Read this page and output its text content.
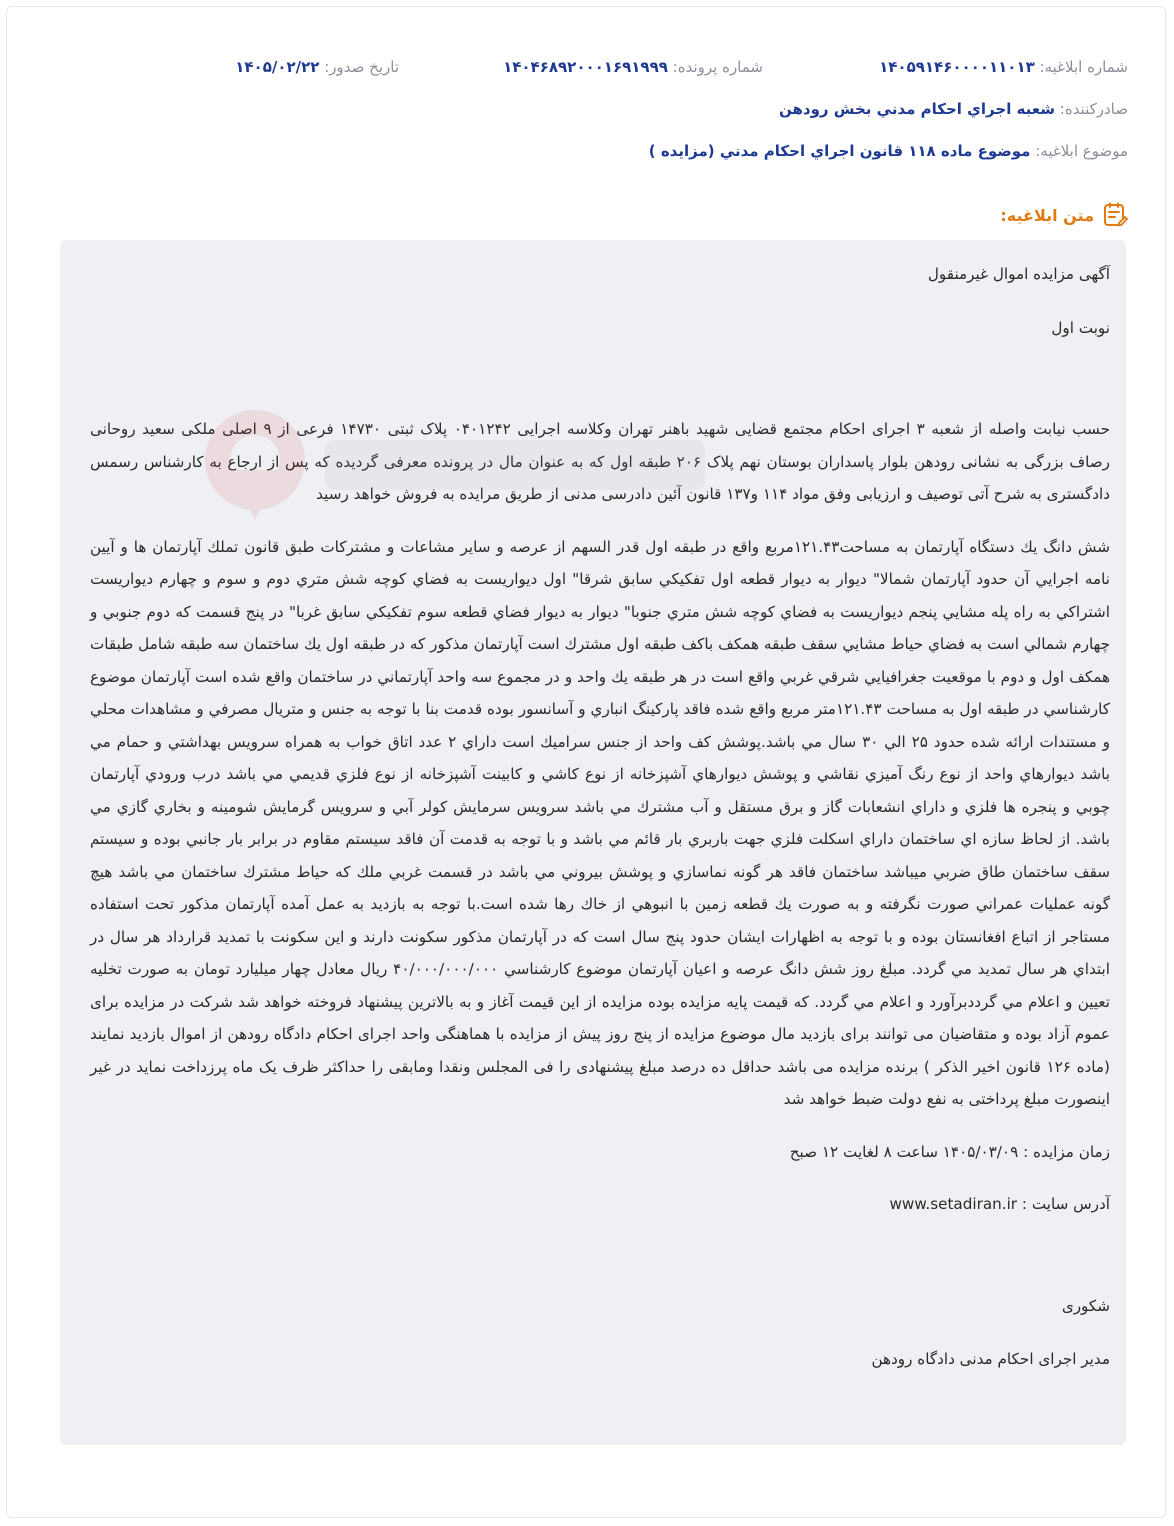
شماره ابلاغیه: ۱۴۰۵۹۱۴۶۰۰۰۰۱۱۰۱۳
شماره پرونده: ۱۴۰۴۶۸۹۲۰۰۰۱۶۹۱۹۹۹
تاریخ صدور: ۱۴۰۵/۰۲/۲۲
صادرکننده: شعبه اجراي احكام مدني بخش رودهن
موضوع ابلاغیه: موضوع ماده ۱۱۸ قانون اجراي احكام مدني (مزايده )
متن ابلاغیه:

آگهی مزایده اموال غیرمنقول

نوبت اول

حسب نیابت واصله از شعبه ۳ اجرای احکام مجتمع قضایی شهید باهنر تهران وکلاسه اجرایی ۰۴۰۱۲۴۲ پلاک ثبتی ۱۴۷۳۰ فرعی از ۹ اصلی ملکی سعید روحانی رصاف بزرگی به نشانی رودهن بلوار پاسداران بوستان نهم پلاک ۲۰۶ طبقه اول که به عنوان مال در پرونده معرفی گردیده که پس از ارجاع به کارشناس رسمس دادگستری به شرح آتی توصیف و ارزیابی وفق مواد ۱۱۴ و۱۳۷ قانون آئین دادرسی مدنی از طریق مرایده به فروش خواهد رسید

شش دانگ يك دستگاه آپارتمان به مساحت۱۲۱.۴۳مربع واقع در طبقه اول قدر السهم از عرصه و ساير مشاعات و مشتركات طبق قانون تملك آپارتمان ها و آيين نامه اجرايي آن حدود آپارتمان شمالا" ديوار به ديوار قطعه اول تفكيكي سابق شرقا" اول ديواريست به فضاي كوچه شش متري دوم و سوم و چهارم ديواريست اشتراكي به راه پله مشايي پنجم ديواريست به فضاي كوچه شش متري جنوبا" ديوار به ديوار فضاي قطعه سوم تفكيكي سابق غربا" در پنج قسمت كه دوم جنوبي و چهارم شمالي است به فضاي حياط مشايي سقف طبقه همكف باكف طبقه اول مشترك است آپارتمان مذكور كه در طبقه اول يك ساختمان سه طبقه شامل طبقات همكف اول و دوم با موقعيت جغرافيايي شرقي غربي واقع است در هر طبقه يك واحد و در مجموع سه واحد آپارتماني در ساختمان واقع شده است آپارتمان موضوع كارشناسي در طبقه اول به مساحت ۱۲۱.۴۳متر مربع واقع شده فاقد پاركينگ انباري و آسانسور بوده قدمت بنا با توجه به جنس و متريال مصرفي و مشاهدات محلي و مستندات ارائه شده حدود ۲۵ الي ۳۰ سال مي باشد.پوشش كف واحد از جنس سراميك است داراي ۲ عدد اتاق خواب به همراه سرويس بهداشتي و حمام مي باشد ديوارهاي واحد از نوع رنگ آميزي نقاشي و پوشش ديوارهاي آشپزخانه از نوع كاشي و كابينت آشپزخانه از نوع فلزي قديمي مي باشد درب ورودي آپارتمان چوبي و پنجره ها فلزي و داراي انشعابات گاز و برق مستقل و آب مشترك مي باشد سرويس سرمايش كولر آبي و سرويس گرمايش شومينه و بخاري گازي مي باشد. از لحاظ سازه اي ساختمان داراي اسكلت فلزي جهت باربري بار قائم مي باشد و با توجه به قدمت آن فاقد سيستم مقاوم در برابر بار جانبي بوده و سيستم سقف ساختمان طاق ضربي ميباشد ساختمان فاقد هر گونه نماسازي و پوشش بيروني مي باشد در قسمت غربي ملك كه حياط مشترك ساختمان مي باشد هيچ گونه عمليات عمراني صورت نگرفته و به صورت يك قطعه زمين با انبوهي از خاك رها شده است.با توجه به بازديد به عمل آمده آپارتمان مذكور تحت استفاده مستاجر از اتباع افغانستان بوده و با توجه به اظهارات ايشان حدود پنج سال است كه در آپارتمان مذكور سكونت دارند و اين سكونت با تمديد قرارداد هر سال در ابتداي هر سال تمديد مي گردد. مبلغ روز شش دانگ عرصه و اعيان آپارتمان موضوع كارشناسي ۴۰/۰۰۰/۰۰۰/۰۰۰ ريال معادل چهار ميليارد تومان به صورت تخليه تعيين و اعلام مي گرددبرآورد و اعلام مي گردد. كه قیمت پایه مزایده بوده مزایده از این قیمت آغاز و به بالاترین پیشنهاد فروخته خواهد شد شرکت در مزایده برای عموم آزاد بوده و متقاضیان می توانند برای بازدید مال موضوع مزایده از پنج روز پیش از مزایده با هماهنگی واحد اجرای احکام دادگاه رودهن از اموال بازدید نمایند (ماده ۱۲۶ قانون اخیر الذکر ) برنده مزایده می باشد حداقل ده درصد مبلغ پیشنهادی را فی المجلس ونقدا ومابقی را حداکثر ظرف یک ماه پرزداخت نماید در غیر اینصورت مبلغ پرداختی به نفع دولت ضبط خواهد شد

زمان مزایده : ۱۴۰۵/۰۳/۰۹ ساعت ۸ لغایت ۱۲ صبح

آدرس سایت : www.setadiran.ir

شکوری

مدیر اجرای احکام مدنی دادگاه رودهن
